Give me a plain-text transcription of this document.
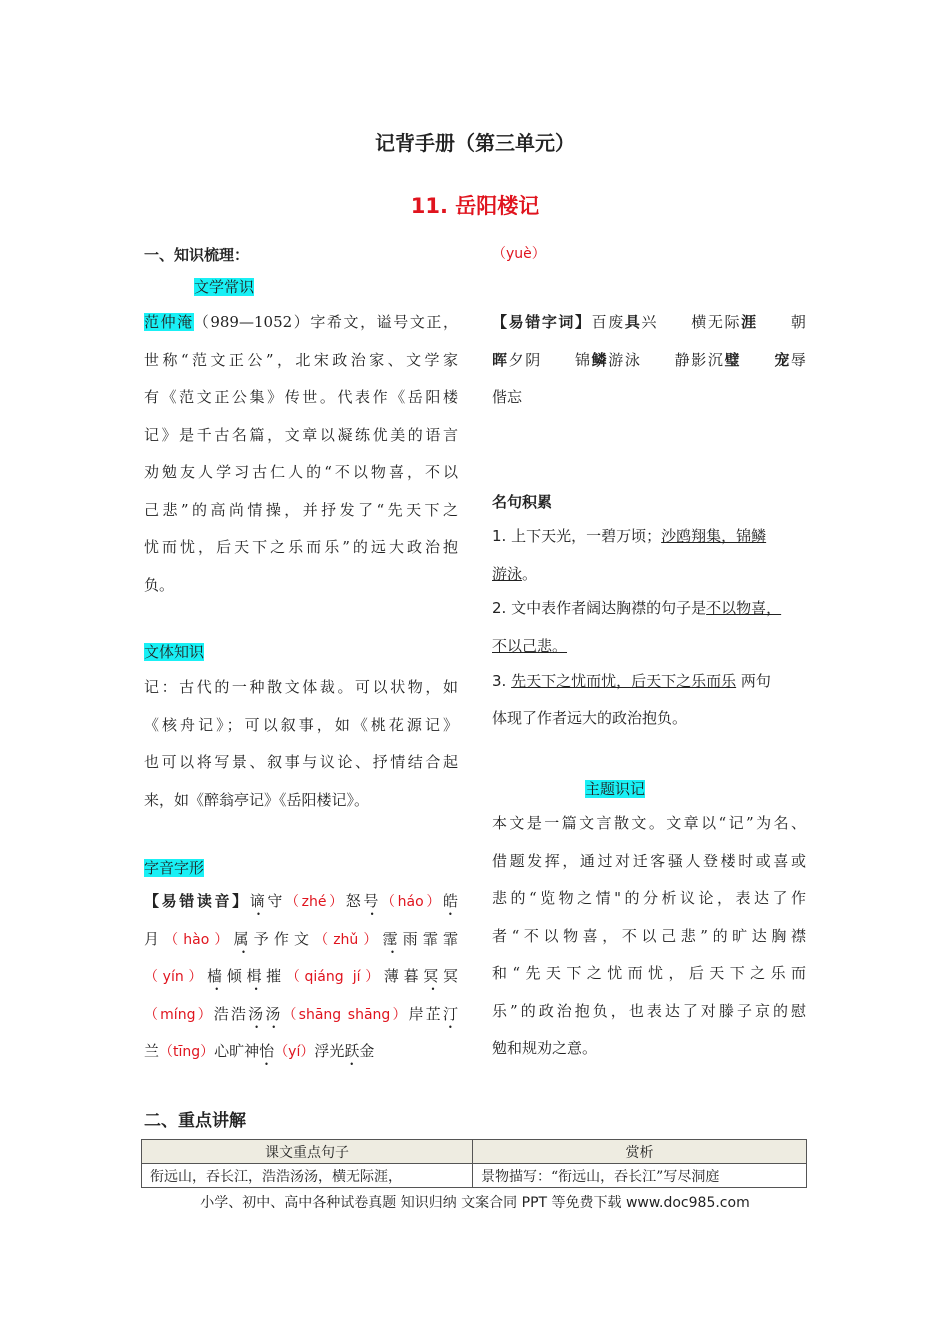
记背手册（第三单元）
11. 岳阳楼记
一、知识梳理：
文学常识
范仲淹（989—1052）字希文，谥号文正，
世称“范文正公”，北宋政治家、文学家
有《范文正公集》传世。代表作《岳阳楼
记》是千古名篇，文章以凝练优美的语言
劝勉友人学习古仁人的“不以物喜，不以
己悲”的高尚情操，并抒发了“先天下之
忧而忧，后天下之乐而乐”的远大政治抱
负。
文体知识
记：古代的一种散文体裁。可以状物，如
《核舟记》；可以叙事，如《桃花源记》
也可以将写景、叙事与议论、抒情结合起
来，如《醉翁亭记》《岳阳楼记》。
字音字形
【易错读音】谪守（zhé）怒号（háo）皓
月（hào）属予作文（zhǔ）霪雨霏霏
（yín）樯倾楫摧（qiáng jí）薄暮冥冥
（míng）浩浩汤汤（shāng shāng）岸芷汀
兰（tīng）心旷神怡（yí）浮光跃金
（yuè）
【易错字词】百废具兴　　横无际涯　　朝
晖夕阴　　锦鳞游泳　　静影沉璧　　 宠辱
偕忘
名句积累
1. 上下天光，一碧万顷；沙鸥翔集，锦鳞
游泳。
2. 文中表作者阔达胸襟的句子是不以物喜，
不以己悲。
3. 先天下之忧而忧，后天下之乐而乐 两句
体现了作者远大的政治抱负。
主题识记
本文是一篇文言散文。文章以“记”为名、
借题发挥，通过对迁客骚人登楼时或喜或
悲的“览物之情"的分析议论，表达了作
者“不以物喜，不以己悲”的旷达胸襟
和“先天下之忧而忧，后天下之乐而
乐”的政治抱负，也表达了对滕子京的慰
勉和规劝之意。
二、重点讲解
课文重点句子	赏析
衔远山，吞长江，浩浩汤汤，横无际涯，	景物描写：“衔远山，吞长江”写尽洞庭
小学、初中、高中各种试卷真题 知识归纳 文案合同 PPT 等免费下载 www.doc985.com
